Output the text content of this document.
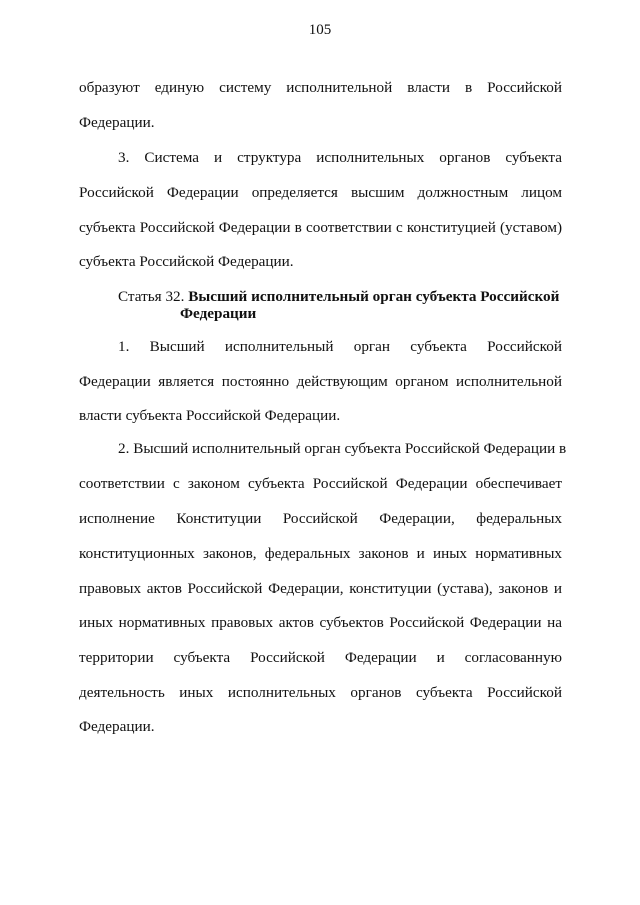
105
образуют единую систему исполнительной власти в Российской
Федерации.
3. Система и структура исполнительных органов субъекта
Российской Федерации определяется высшим должностным лицом
субъекта Российской Федерации в соответствии с конституцией (уставом)
субъекта Российской Федерации.
Статья 32. Высший исполнительный орган субъекта Российской
Федерации
1. Высший исполнительный орган субъекта Российской
Федерации является постоянно действующим органом исполнительной
власти субъекта Российской Федерации.
2. Высший исполнительный орган субъекта Российской Федерации в
соответствии с законом субъекта Российской Федерации обеспечивает
исполнение Конституции Российской Федерации, федеральных
конституционных законов, федеральных законов и иных нормативных
правовых актов Российской Федерации, конституции (устава), законов и
иных нормативных правовых актов субъектов Российской Федерации на
территории субъекта Российской Федерации и согласованную
деятельность иных исполнительных органов субъекта Российской
Федерации.
